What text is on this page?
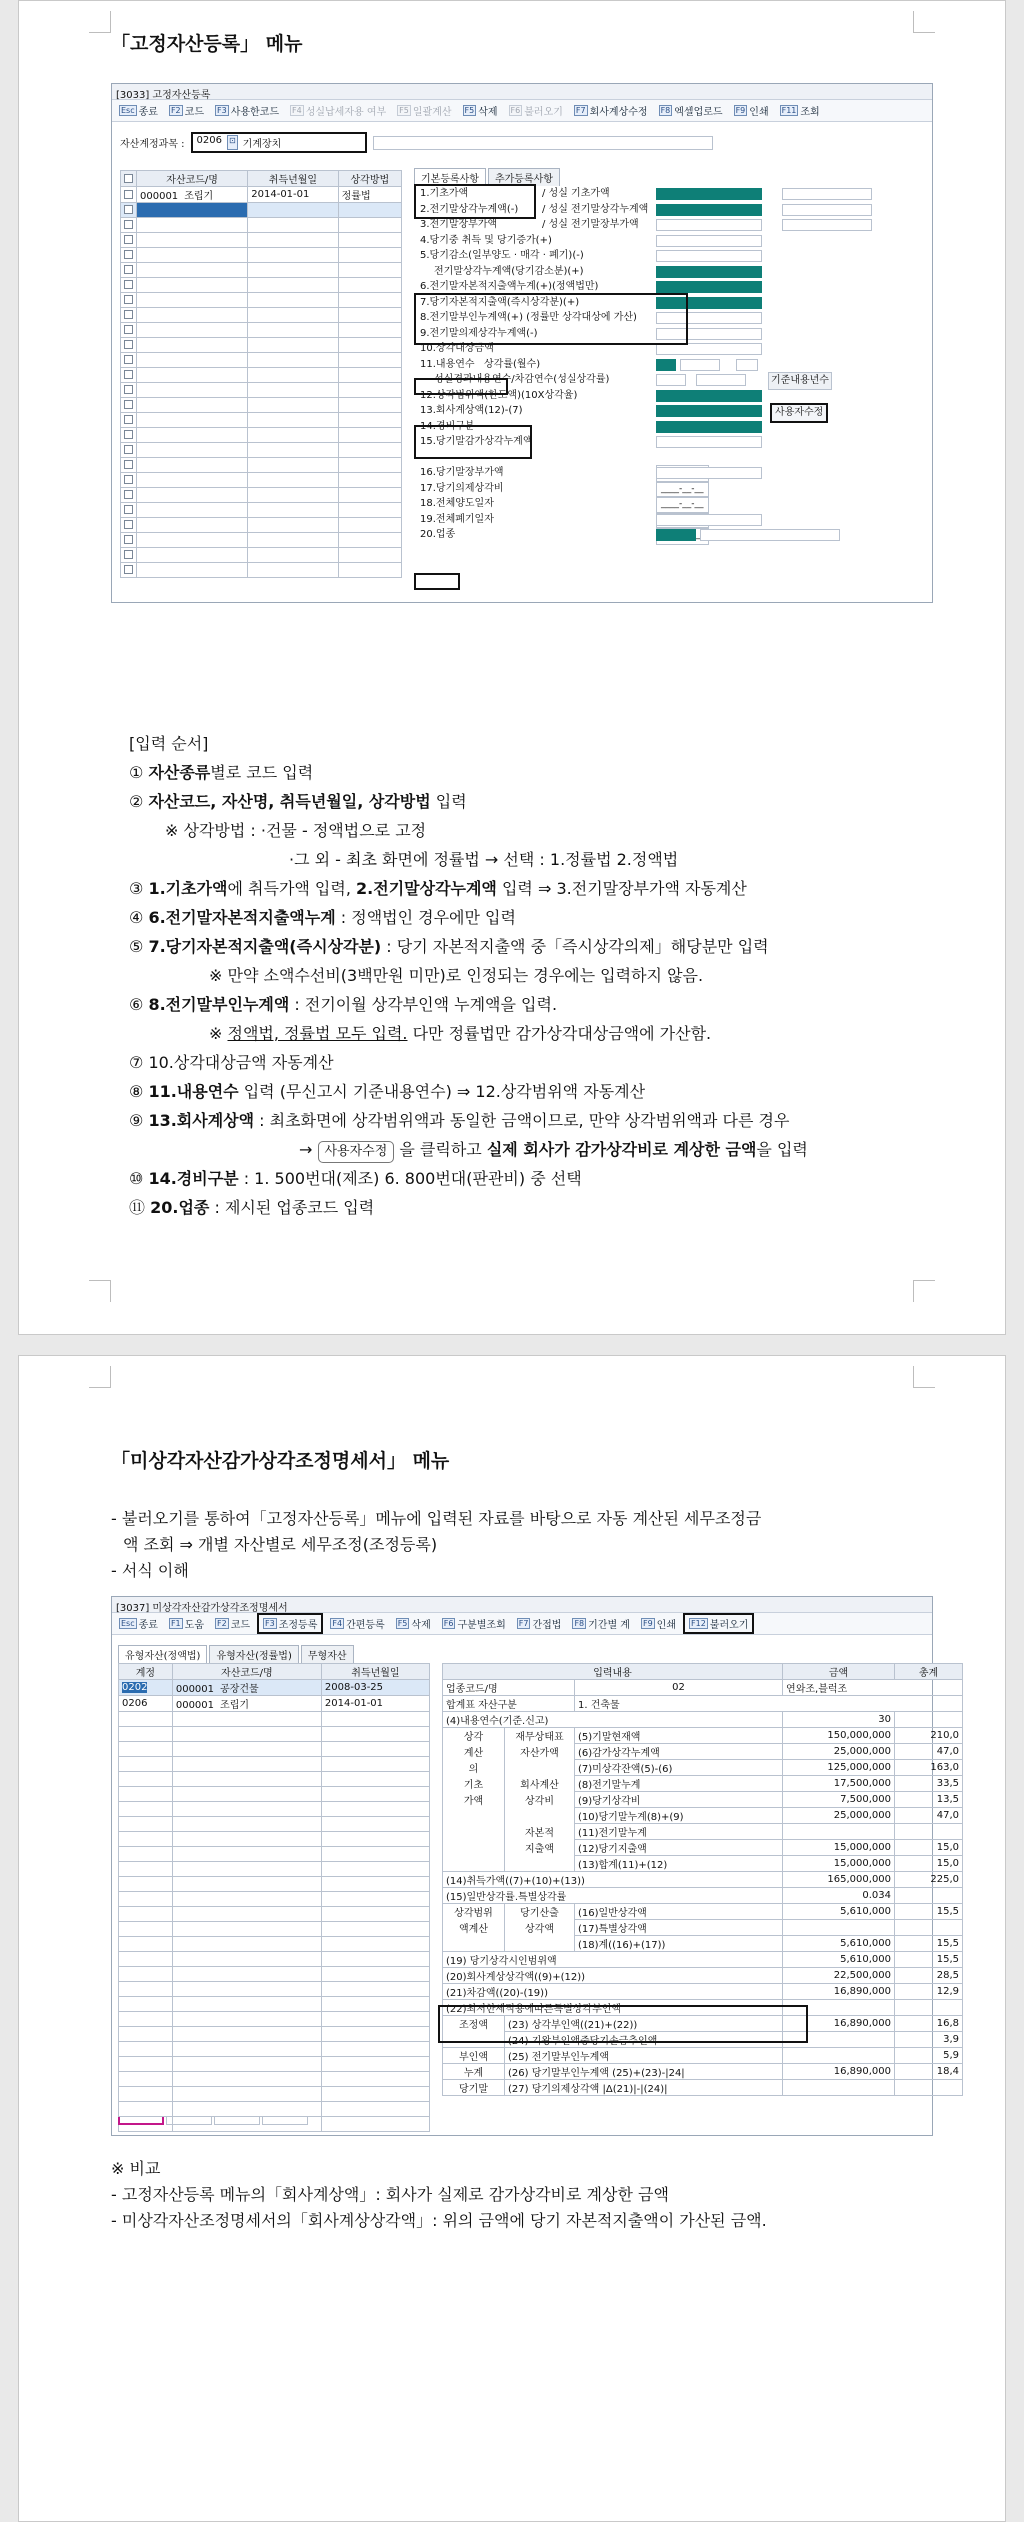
「고정자산등록」 메뉴
[3033] 고정자산등록
Esc 종료 F2 코드 F3 사용한코드 F4 성실납세자용 여부 F5 일괄계산 F5 삭제 F6 불러오기 F7 회사계상수정 F8 엑셀업로드 F9 인쇄 F11 조회
자산계정과목 : 0206 ⊡ 기계장치
	자산코드/명	취득년월일	상각방법
	000001 조립기	2014-01-01	정률법

기본등록사항	추가등록사항
1.기초가액	/ 성실 기초가액
2.전기말상각누계액(-) / 성실 전기말상각누계액
3.전기말장부가액	/ 성실 전기말장부가액
4.당기중 취득 및 당기증가(+)
5.당기감소(일부양도 · 매각 · 폐기)(-)
전기말상각누계액(당기감소분)(+)
6.전기말자본적지출액누계(+)(정액법만)
7.당기자본적지출액(즉시상각분)(+)
8.전기말부인누계액(+) (정률만 상각대상에 가산)
9.전기말의제상각누계액(-)
10.상각대상금액
11.내용연수 상각률(월수)
성실경과내용연수/차감연수(성실상각률)	기준내용년수
12.상각범위액(한도액)(10X상각율)
13.회사계상액(12)-(7)	사용자수정
14.경비구분
15.당기말감가상각누계액
16.당기말장부가액
17.당기의제상각비	____-__-__
18.전체양도일자	____-__-__
19.전체폐기일자
20.업종
[입력 순서]
① 자산종류별로 코드 입력
② 자산코드, 자산명, 취득년월일, 상각방법 입력
※ 상각방법 : ·건물 - 정액법으로 고정
·그 외 - 최초 화면에 정률법 → 선택 : 1.정률법 2.정액법
③ 1.기초가액에 취득가액 입력, 2.전기말상각누계액 입력 ⇒ 3.전기말장부가액 자동계산
④ 6.전기말자본적지출액누계 : 정액법인 경우에만 입력
⑤ 7.당기자본적지출액(즉시상각분) : 당기 자본적지출액 중「즉시상각의제」해당분만 입력
※ 만약 소액수선비(3백만원 미만)로 인정되는 경우에는 입력하지 않음.
⑥ 8.전기말부인누계액 : 전기이월 상각부인액 누계액을 입력.
※ 정액법, 정률법 모두 입력. 다만 정률법만 감가상각대상금액에 가산함.
⑦ 10.상각대상금액 자동계산
⑧ 11.내용연수 입력 (무신고시 기준내용연수) ⇒ 12.상각범위액 자동계산
⑨ 13.회사계상액 : 최초화면에 상각범위액과 동일한 금액이므로, 만약 상각범위액과 다른 경우
→ 사용자수정 을 클릭하고 실제 회사가 감가상각비로 계상한 금액을 입력
⑩ 14.경비구분 : 1. 500번대(제조) 6. 800번대(판관비) 중 선택
⑪ 20.업종 : 제시된 업종코드 입력
「미상각자산감가상각조정명세서」 메뉴
- 불러오기를 통하여「고정자산등록」메뉴에 입력된 자료를 바탕으로 자동 계산된 세무조정금
액 조회 ⇒ 개별 자산별로 세무조정(조정등록)
- 서식 이해
[3037] 미상각자산감가상각조정명세서
Esc 종료 F1 도움 F2 코드 F3 조정등록 F4 간편등록 F5 삭제 F6 구분별조회 F7 간접법 F8 기간별 계 F9 인쇄 F12 불러오기
유형자산(정액법)	유형자산(정률법)	무형자산
계정	자산코드/명	취득년월일
0202	000001 공장건물	2008-03-25
0206	000001 조립기	2014-01-01

입력내용			금액	총계
업종코드/명		02	연와조,블럭조	
합계표 자산구분		1. 건축물		
(4)내용연수(기준.신고)			30	
상각	재무상태표	(5)기말현재액	150,000,000	210,0
계산	자산가액	(6)감가상각누계액	25,000,000	47,0
의		(7)미상각잔액(5)-(6)	125,000,000	163,0
기초	회사계산	(8)전기말누계	17,500,000	33,5
가액	상각비	(9)당기상각비	7,500,000	13,5
		(10)당기말누계(8)+(9)	25,000,000	47,0
	자본적	(11)전기말누계		
	지출액	(12)당기지출액	15,000,000	15,0
		(13)합계(11)+(12)	15,000,000	15,0
(14)취득가액((7)+(10)+(13))			165,000,000	225,0
(15)일반상각률.특별상각률			0.034	
상각범위	당기산출	(16)일반상각액	5,610,000	15,5
액계산	상각액	(17)특별상각액		
		(18)계((16)+(17))	5,610,000	15,5
(19) 당기상각시인범위액			5,610,000	15,5
(20)회사계상상각액((9)+(12))			22,500,000	28,5
(21)차감액((20)-(19))			16,890,000	12,9
(22)최저한세적용에따른특별상각부인액				
조정액	(23) 상각부인액((21)+(22))		16,890,000	16,8
	(24) 기왕부인액중당기손금추인액			3,9
부인액	(25) 전기말부인누계액			5,9
누계	(26) 당기말부인누계액 (25)+(23)-|24|		16,890,000	18,4
당기말	(27) 당기의제상각액 |Δ(21)|-|(24)|			
※ 비교
- 고정자산등록 메뉴의「회사계상액」: 회사가 실제로 감가상각비로 계상한 금액
- 미상각자산조정명세서의「회사계상상각액」: 위의 금액에 당기 자본적지출액이 가산된 금액.
